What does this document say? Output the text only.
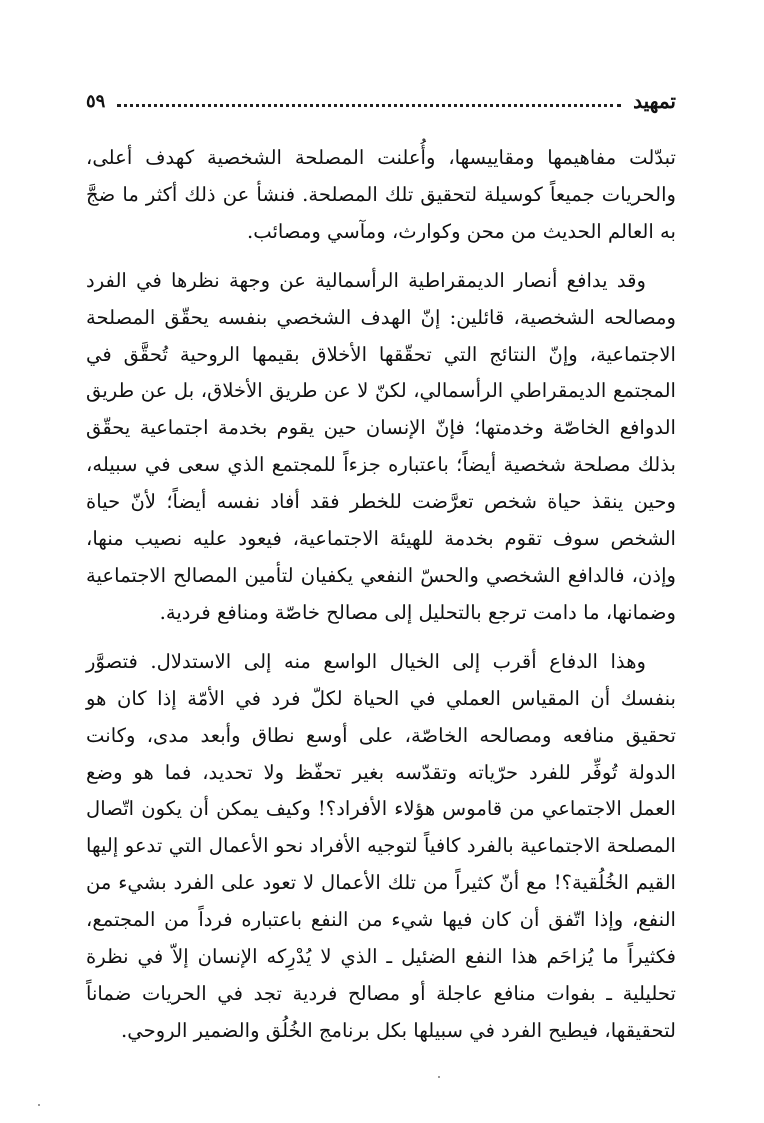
تمهيد
٥٩

تبدّلت مفاهيمها ومقاييسها، وأُعلنت المصلحة الشخصية كهدف أعلى، والحريات جميعاً كوسيلة لتحقيق تلك المصلحة. فنشأ عن ذلك أكثر ما ضجَّ به العالم الحديث من محن وكوارث، ومآسي ومصائب.

وقد يدافع أنصار الديمقراطية الرأسمالية عن وجهة نظرها في الفرد ومصالحه الشخصية، قائلين: إنّ الهدف الشخصي بنفسه يحقّق المصلحة الاجتماعية، وإنّ النتائج التي تحقّقها الأخلاق بقيمها الروحية تُحقَّق في المجتمع الديمقراطي الرأسمالي، لكنّ لا عن طريق الأخلاق، بل عن طريق الدوافع الخاصّة وخدمتها؛ فإنّ الإنسان حين يقوم بخدمة اجتماعية يحقّق بذلك مصلحة شخصية أيضاً؛ باعتباره جزءاً للمجتمع الذي سعى في سبيله، وحين ينقذ حياة شخص تعرَّضت للخطر فقد أفاد نفسه أيضاً؛ لأنّ حياة الشخص سوف تقوم بخدمة للهيئة الاجتماعية، فيعود عليه نصيب منها، وإذن، فالدافع الشخصي والحسّ النفعي يكفيان لتأمين المصالح الاجتماعية وضمانها، ما دامت ترجع بالتحليل إلى مصالح خاصّة ومنافع فردية.

وهذا الدفاع أقرب إلى الخيال الواسع منه إلى الاستدلال. فتصوَّر بنفسك أن المقياس العملي في الحياة لكلّ فرد في الأمّة إذا كان هو تحقيق منافعه ومصالحه الخاصّة، على أوسع نطاق وأبعد مدى، وكانت الدولة تُوفِّر للفرد حرّياته وتقدّسه بغير تحفّظ ولا تحديد، فما هو وضع العمل الاجتماعي من قاموس هؤلاء الأفراد؟! وكيف يمكن أن يكون اتّصال المصلحة الاجتماعية بالفرد كافياً لتوجيه الأفراد نحو الأعمال التي تدعو إليها القيم الخُلُقية؟! مع أنّ كثيراً من تلك الأعمال لا تعود على الفرد بشيء من النفع، وإذا اتّفق أن كان فيها شيء من النفع باعتباره فرداً من المجتمع، فكثيراً ما يُزاحَم هذا النفع الضئيل ـ الذي لا يُدْرِكه الإنسان إلاّ في نظرة تحليلية ـ بفوات منافع عاجلة أو مصالح فردية تجد في الحريات ضماناً لتحقيقها، فيطيح الفرد في سبيلها بكل برنامج الخُلُق والضمير الروحي.
